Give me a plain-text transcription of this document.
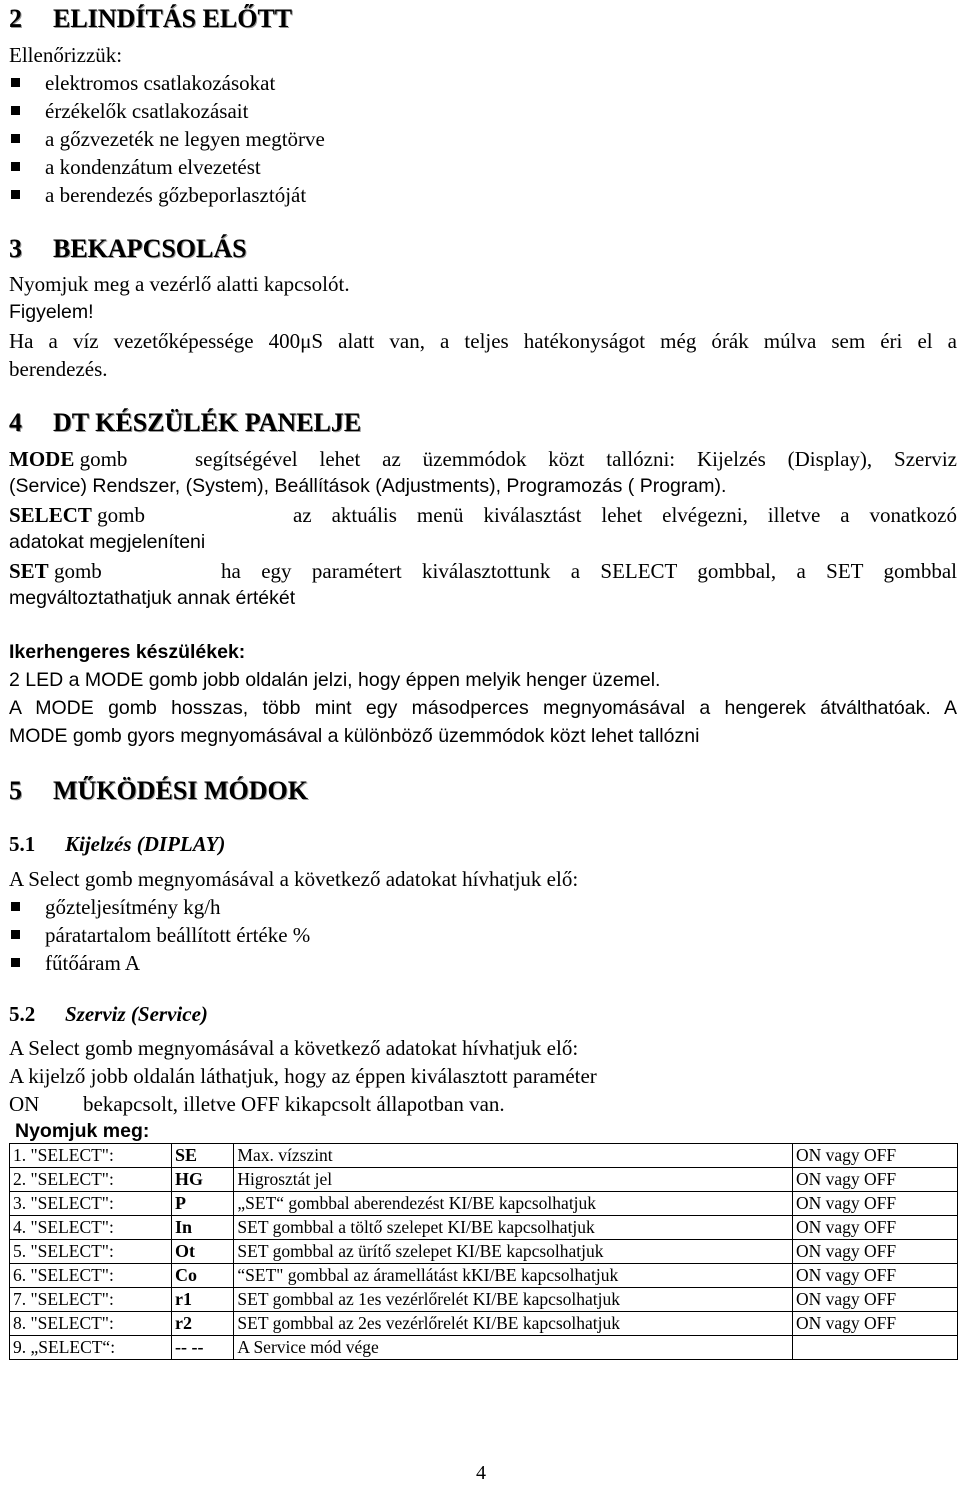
2 ELINDÍTÁS ELŐTT
Ellenőrizzük:
elektromos csatlakozásokat
érzékelők csatlakozásait
a gőzvezeték ne legyen megtörve
a kondenzátum elvezetést
a berendezés gőzbeporlasztóját
3 BEKAPCSOLÁS
Nyomjuk meg a vezérlő alatti kapcsolót.
Figyelem!
Ha a víz vezetőképessége 400μS alatt van, a teljes hatékonyságot még órák múlva sem éri el a
berendezés.
4 DT KÉSZÜLÉK PANELJE
MODE gomb	segítségével lehet az üzemmódok közt tallózni: Kijelzés (Display), Szerviz
(Service) Rendszer, (System), Beállítások (Adjustments), Programozás ( Program).
SELECT gomb	az aktuális menü kiválasztást lehet elvégezni, illetve a vonatkozó
adatokat megjeleníteni
SET gomb	ha egy paramétert kiválasztottunk a SELECT gombbal, a SET gombbal
megváltoztathatjuk annak értékét
Ikerhengeres készülékek:
2 LED a MODE gomb jobb oldalán jelzi, hogy éppen melyik henger üzemel.
A MODE gomb hosszas, több mint egy másodperces megnyomásával a hengerek átválthatóak. A
MODE gomb gyors megnyomásával a különböző üzemmódok közt lehet tallózni
5 MŰKÖDÉSI MÓDOK
5.1 Kijelzés (DIPLAY)
A Select gomb megnyomásával a következő adatokat hívhatjuk elő:
gőzteljesítmény kg/h
páratartalom beállított értéke %
fűtőáram A
5.2 Szerviz (Service)
A Select gomb megnyomásával a következő adatokat hívhatjuk elő:
A kijelző jobb oldalán láthatjuk, hogy az éppen kiválasztott paraméter
ON bekapcsolt, illetve OFF kikapcsolt állapotban van.
Nyomjuk meg:
1. "SELECT":	SE	Max. vízszint	ON vagy OFF
2. "SELECT":	HG	Higrosztát jel	ON vagy OFF
3. "SELECT":	P	„SET“ gombbal aberendezést KI/BE kapcsolhatjuk	ON vagy OFF
4. "SELECT":	In	SET gombbal a töltő szelepet KI/BE kapcsolhatjuk	ON vagy OFF
5. "SELECT":	Ot	SET gombbal az ürítő szelepet KI/BE kapcsolhatjuk	ON vagy OFF
6. "SELECT":	Co	“SET" gombbal az áramellátást kKI/BE kapcsolhatjuk	ON vagy OFF
7. "SELECT":	r1	SET gombbal az 1es vezérlőrelét KI/BE kapcsolhatjuk	ON vagy OFF
8. "SELECT":	r2	SET gombbal az 2es vezérlőrelét KI/BE kapcsolhatjuk	ON vagy OFF
9. „SELECT“:	-- --	A Service mód vége	
4
